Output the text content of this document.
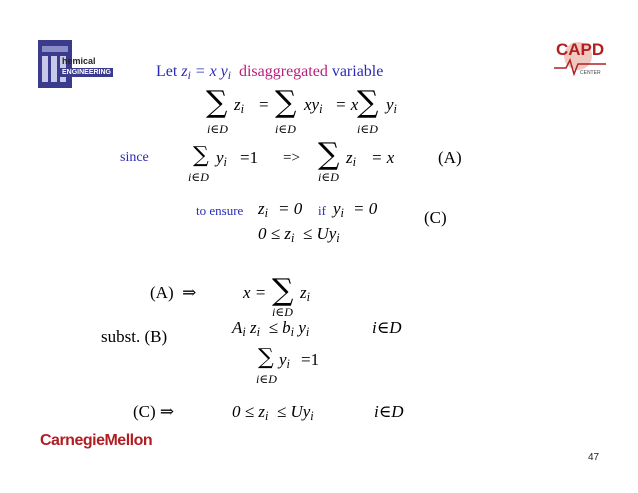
hemical
ENGINEERING
CAPD
CENTER
Let $z_i = x$ $y_i$ disaggregated variable
∑ $z_i$ = ∑ $xy_i = x$
∑ $y_i$
i∈D	i∈D	i∈D
since ∑ $y_i =1$ => ∑ $z_i = x$	(A)
i∈D	i∈D
to ensure $z_i = 0$ if $y_i = 0$	(C)
$0 \le z_i \le Uy_i$
(A) ⇒	x = ∑ $z_i$
i∈D
subst. (B)	$A_i$ $z_i \le b_i$ $y_i$	i∈D
∑ $y_i =1$
i∈D
(C) ⇒	$0 \le z_i \le Uy_i$	i∈D
CarnegieMellon
47
